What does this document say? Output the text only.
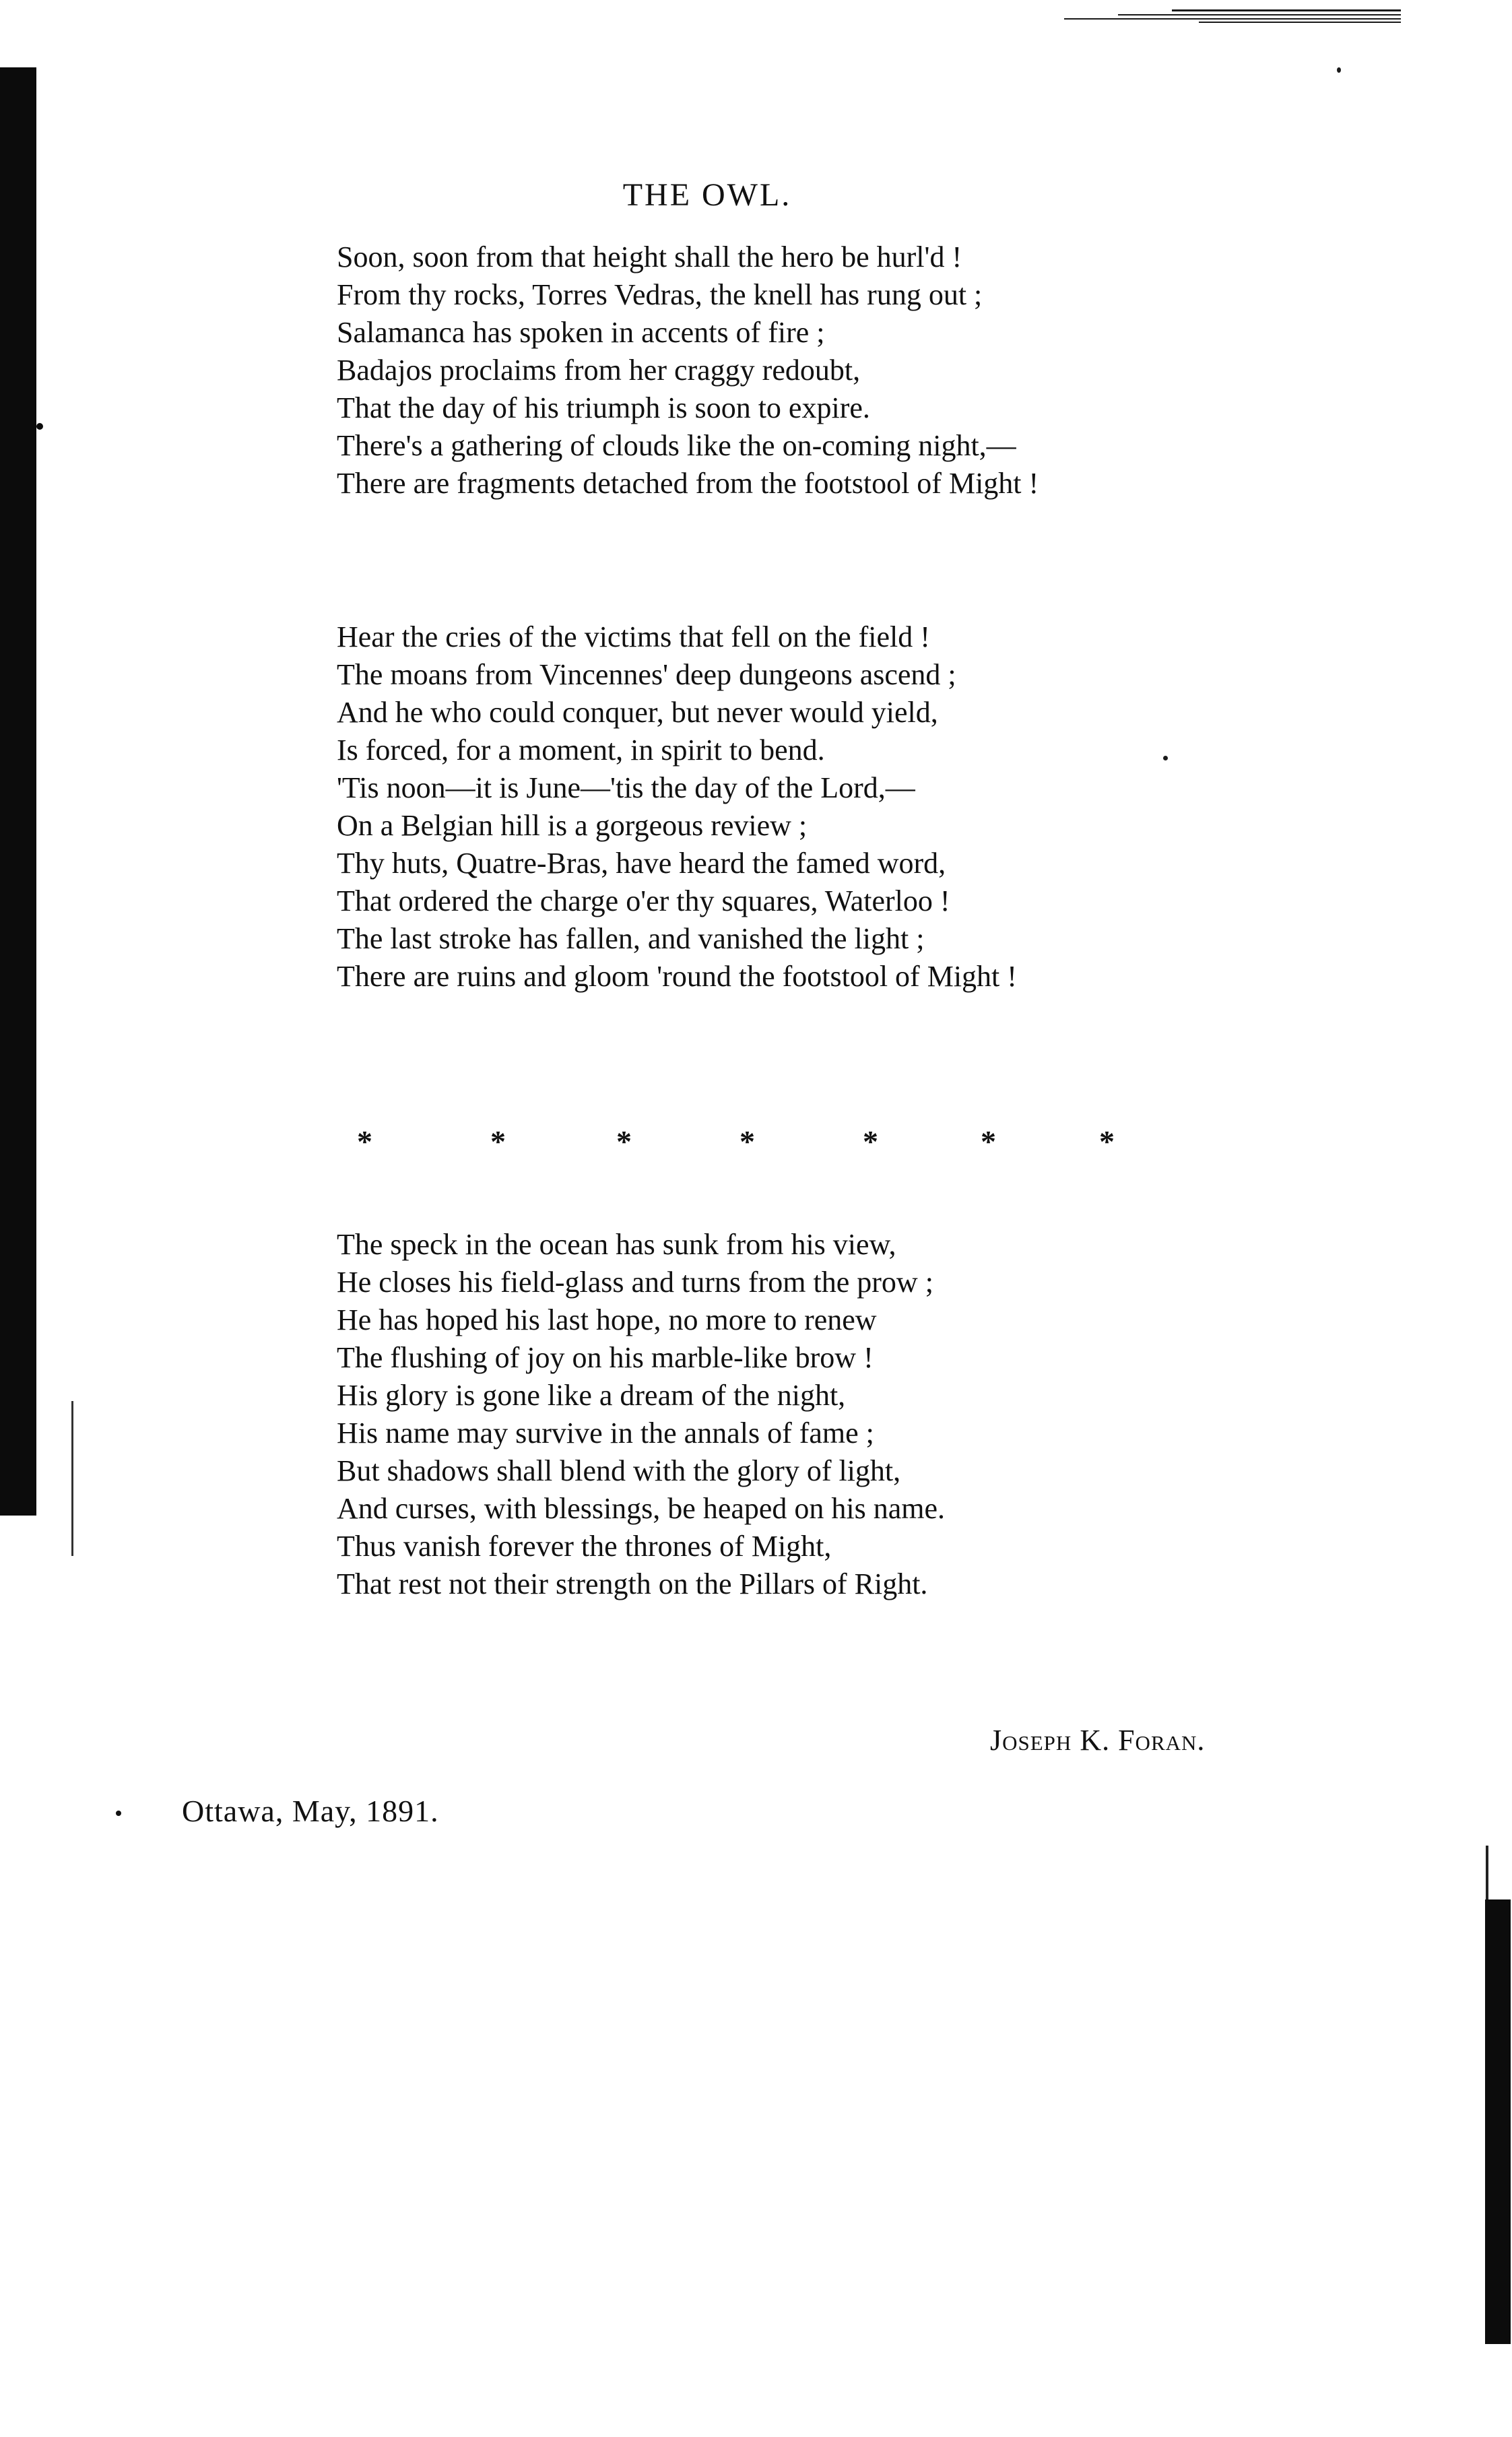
THE OWL.
Soon, soon from that height shall the hero be hurl'd !
From thy rocks, Torres Vedras, the knell has rung out ;
Salamanca has spoken in accents of fire ;
Badajos proclaims from her craggy redoubt,
That the day of his triumph is soon to expire.
There's a gathering of clouds like the on-coming night,—
There are fragments detached from the footstool of Might !
Hear the cries of the victims that fell on the field !
The moans from Vincennes' deep dungeons ascend ;
And he who could conquer, but never would yield,
Is forced, for a moment, in spirit to bend.
'Tis noon—it is June—'tis the day of the Lord,—
On a Belgian hill is a gorgeous review ;
Thy huts, Quatre-Bras, have heard the famed word,
That ordered the charge o'er thy squares, Waterloo !
The last stroke has fallen, and vanished the light ;
There are ruins and gloom 'round the footstool of Might !
*	*	*	*	*	*	*
The speck in the ocean has sunk from his view,
He closes his field-glass and turns from the prow ;
He has hoped his last hope, no more to renew
The flushing of joy on his marble-like brow !
His glory is gone like a dream of the night,
His name may survive in the annals of fame ;
But shadows shall blend with the glory of light,
And curses, with blessings, be heaped on his name.
Thus vanish forever the thrones of Might,
That rest not their strength on the Pillars of Right.
Joseph K. Foran.
Ottawa, May, 1891.
